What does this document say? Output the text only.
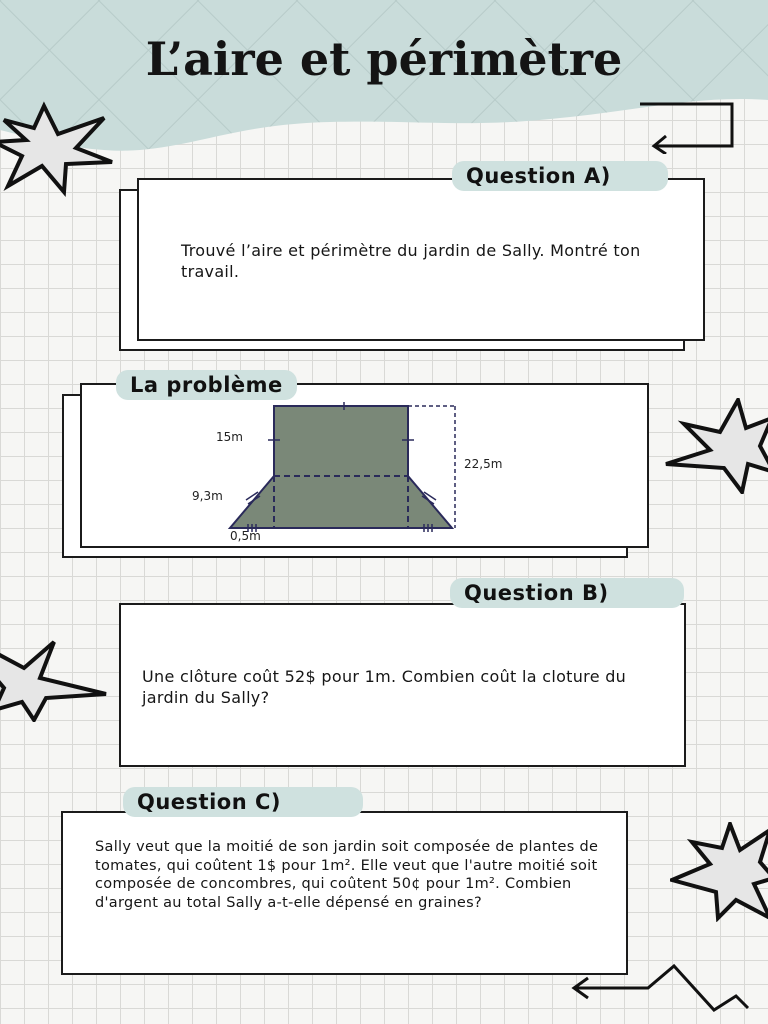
L’aire et périmètre
Question A)
Trouvé l’aire et périmètre du jardin de Sally. Montré ton travail.
La problème
15m
22,5m
9,3m
0,5m
Question B)
Une clôture coût 52$ pour 1m. Combien coût la cloture du jardin du Sally?
Question C)
Sally veut que la moitié de son jardin soit composée de plantes de tomates, qui coûtent 1$ pour 1m². Elle veut que l'autre moitié soit composée de concombres, qui coûtent 50¢ pour 1m². Combien d'argent au total Sally a-t-elle dépensé en graines?
